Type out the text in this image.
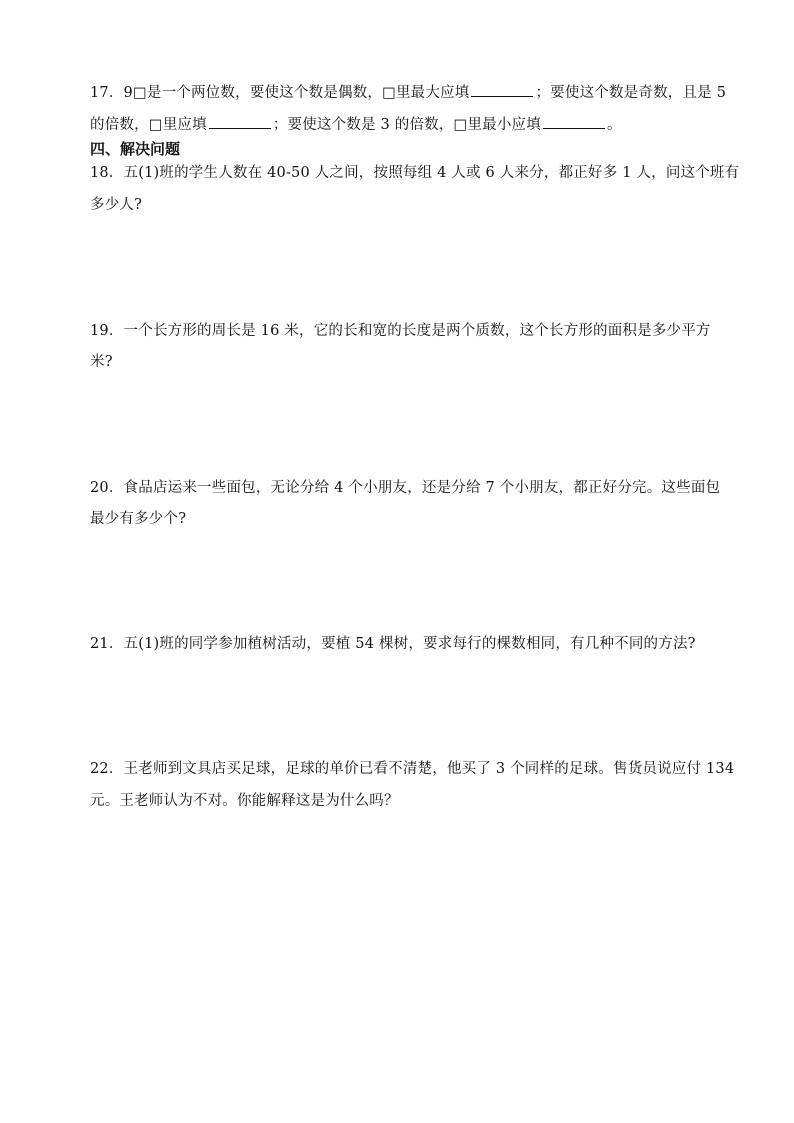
17．9□是一个两位数，要使这个数是偶数，□里最大应填	；要使这个数是奇数，且是 5
的倍数，□里应填	；要使这个数是 3 的倍数，□里最小应填	。
四、解决问题
18．五(1)班的学生人数在 40-50 人之间，按照每组 4 人或 6 人来分，都正好多 1 人，问这个班有
多少人?
19．一个长方形的周长是 16 米，它的长和宽的长度是两个质数，这个长方形的面积是多少平方
米?
20．食品店运来一些面包，无论分给 4 个小朋友，还是分给 7 个小朋友，都正好分完。这些面包
最少有多少个?
21．五(1)班的同学参加植树活动，要植 54 棵树，要求每行的棵数相同，有几种不同的方法?
22．王老师到文具店买足球，足球的单价已看不清楚，他买了 3 个同样的足球。售货员说应付 134
元。王老师认为不对。你能解释这是为什么吗？
